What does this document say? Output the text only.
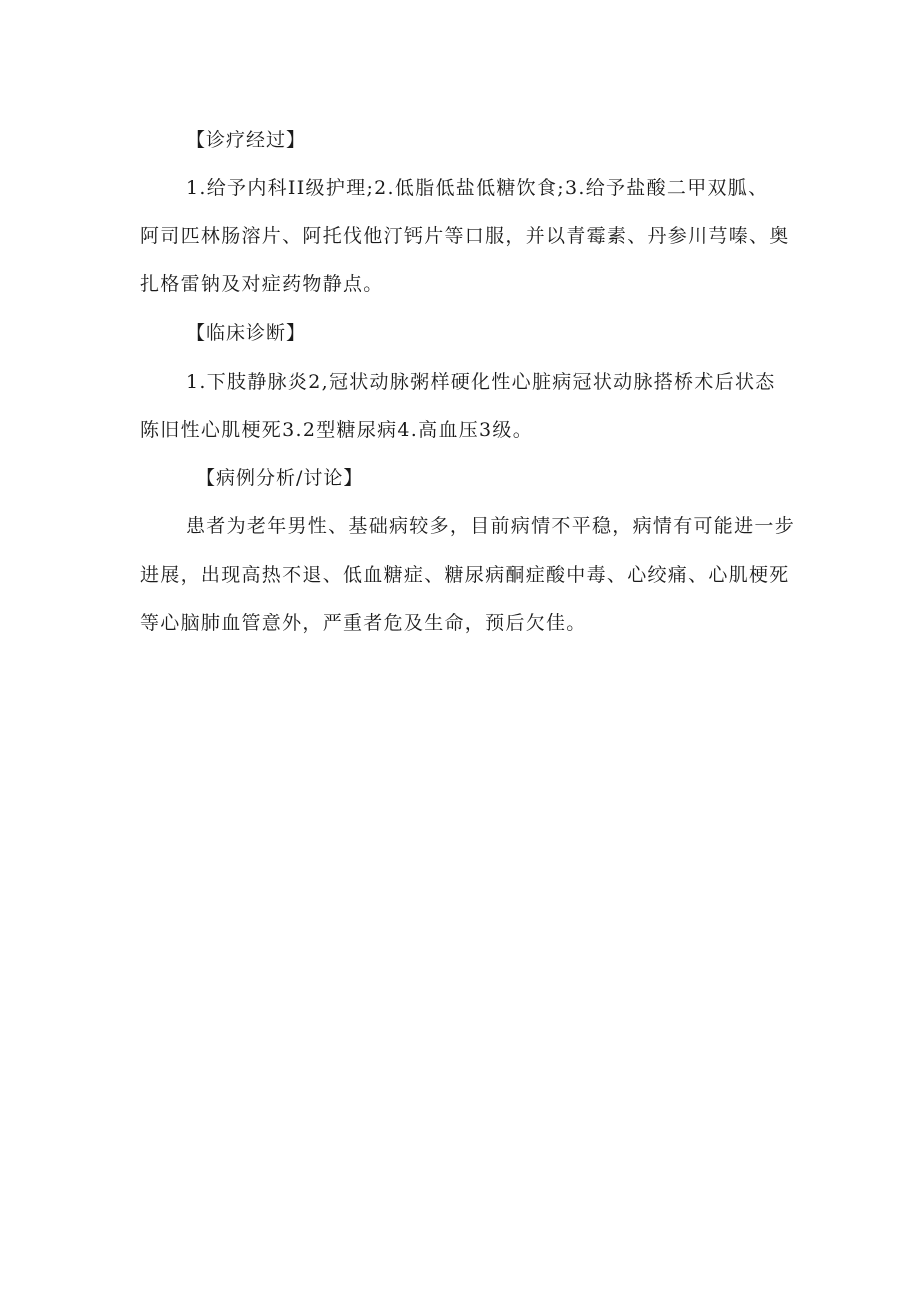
【诊疗经过】
1.给予内科II级护理;2.低脂低盐低糖饮食;3.给予盐酸二甲双胍、
阿司匹林肠溶片、阿托伐他汀钙片等口服，并以青霉素、丹参川芎嗪、奥
扎格雷钠及对症药物静点。
【临床诊断】
1.下肢静脉炎2,冠状动脉粥样硬化性心脏病冠状动脉搭桥术后状态
陈旧性心肌梗死3.2型糖尿病4.高血压3级。
【病例分析/讨论】
患者为老年男性、基础病较多，目前病情不平稳，病情有可能进一步
进展，出现高热不退、低血糖症、糖尿病酮症酸中毒、心绞痛、心肌梗死
等心脑肺血管意外，严重者危及生命，预后欠佳。
